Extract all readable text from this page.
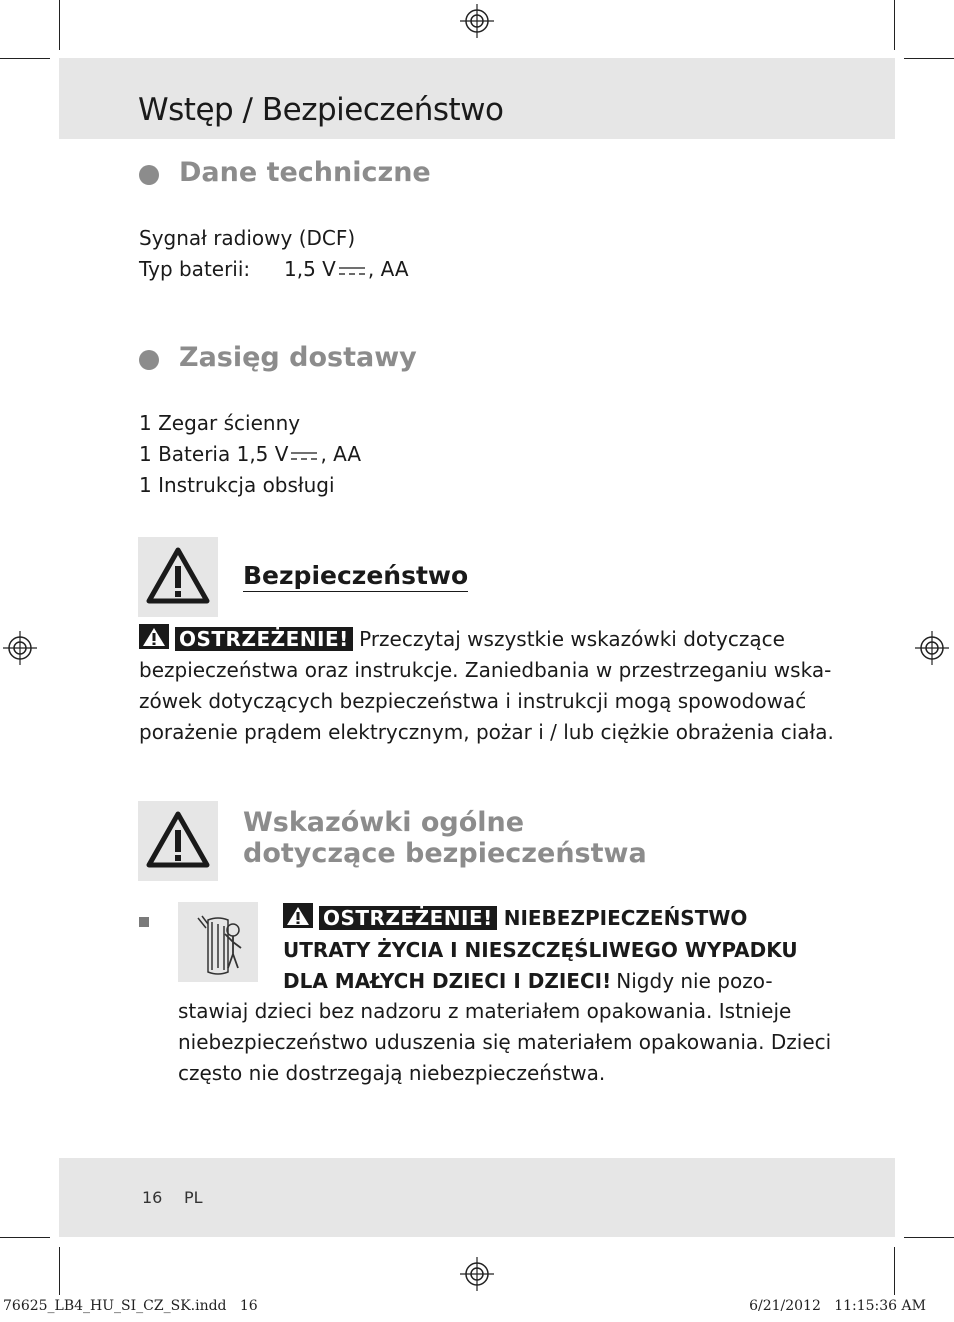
Wstęp / Bezpieczeństwo
Dane techniczne
Sygnał radiowy (DCF)
Typ baterii: 1,5 V , AA
Zasięg dostawy
1 Zegar ścienny
1 Bateria 1,5 V , AA
1 Instrukcja obsługi
Bezpieczeństwo
OSTRZEŻENIE! Przeczytaj wszystkie wskazówki dotyczące
bezpieczeństwa oraz instrukcje. Zaniedbania w przestrzeganiu wska-
zówek dotyczących bezpieczeństwa i instrukcji mogą spowodować
porażenie prądem elektrycznym, pożar i / lub ciężkie obrażenia ciała.
Wskazówki ogólne
dotyczące bezpieczeństwa
OSTRZEŻENIE! NIEBEZPIECZEŃSTWO
UTRATY ŻYCIA I NIESZCZĘŚLIWEGO WYPADKU
DLA MAŁYCH DZIECI I DZIECI! Nigdy nie pozo-
stawiaj dzieci bez nadzoru z materiałem opakowania. Istnieje
niebezpieczeństwo uduszenia się materiałem opakowania. Dzieci
często nie dostrzegają niebezpieczeństwa.
16 PL
76625_LB4_HU_SI_CZ_SK.indd   16	6/21/2012   11:15:36 AM
